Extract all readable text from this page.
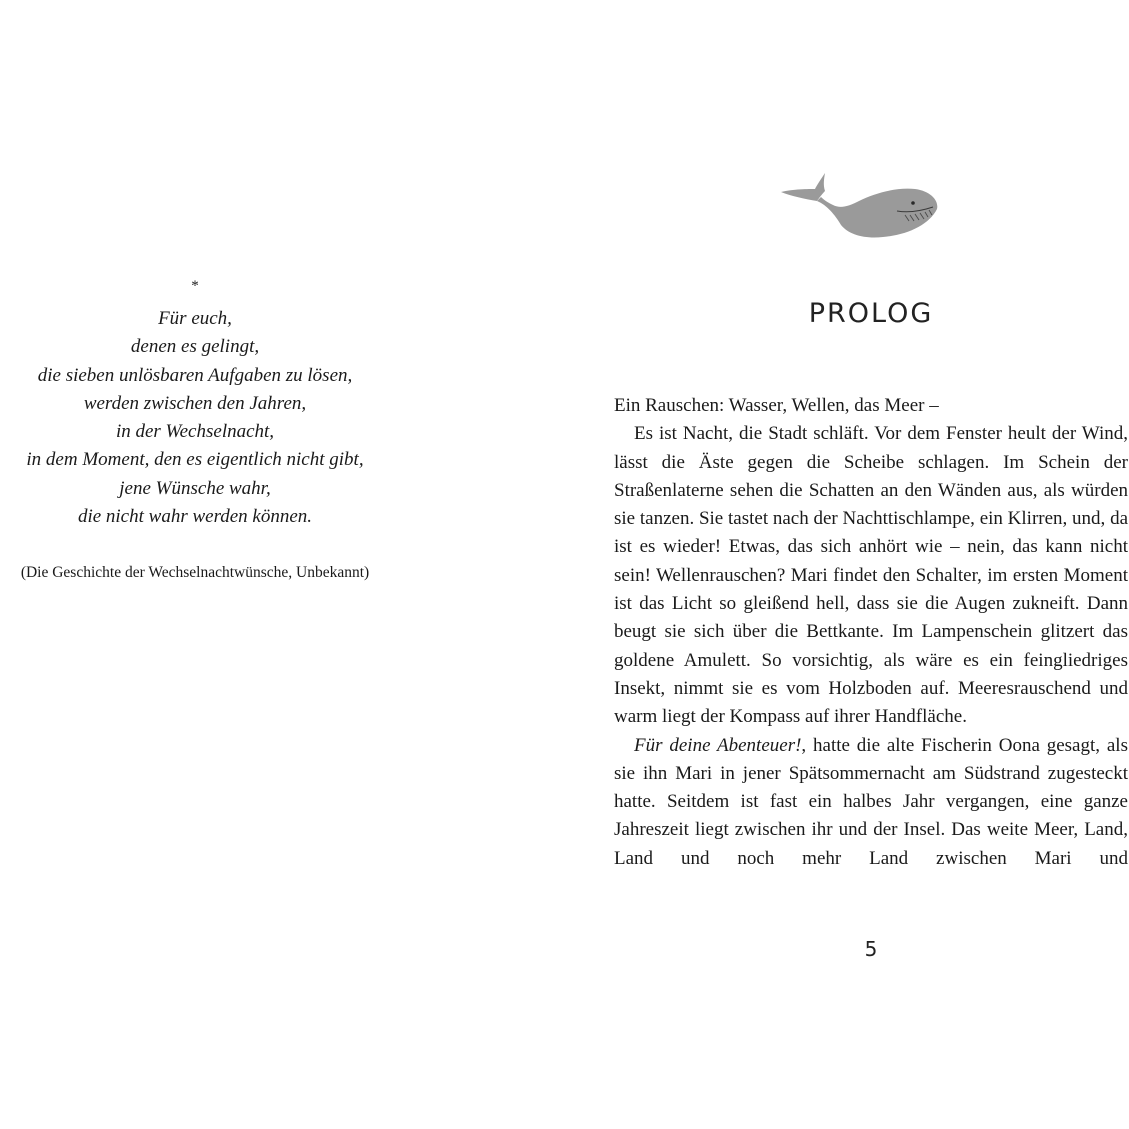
*
Für euch,
denen es gelingt,
die sieben unlösbaren Aufgaben zu lösen,
werden zwischen den Jahren,
in der Wechselnacht,
in dem Moment, den es eigentlich nicht gibt,
jene Wünsche wahr,
die nicht wahr werden können.
(Die Geschichte der Wechselnachtwünsche, Unbekannt)
PROLOG

Ein Rauschen: Wasser, Wellen, das Meer –

Es ist Nacht, die Stadt schläft. Vor dem Fenster heult der Wind, lässt die Äste gegen die Scheibe schlagen. Im Schein der Straßenlaterne sehen die Schatten an den Wänden aus, als würden sie tanzen. Sie tastet nach der Nachttischlampe, ein Klirren, und, da ist es wieder! Etwas, das sich anhört wie – nein, das kann nicht sein! Wellenrauschen? Mari findet den Schalter, im ersten Moment ist das Licht so gleißend hell, dass sie die Augen zukneift. Dann beugt sie sich über die Bettkante. Im Lampenschein glitzert das goldene Amulett. So vorsichtig, als wäre es ein feingliedriges Insekt, nimmt sie es vom Holzboden auf. Meeresrauschend und warm liegt der Kompass auf ihrer Handfläche.

Für deine Abenteuer!, hatte die alte Fischerin Oona gesagt, als sie ihn Mari in jener Spätsommernacht am Südstrand zugesteckt hatte. Seitdem ist fast ein halbes Jahr vergangen, eine ganze Jahreszeit liegt zwischen ihr und der Insel. Das weite Meer, Land, Land und noch mehr Land zwischen Mari und

5
